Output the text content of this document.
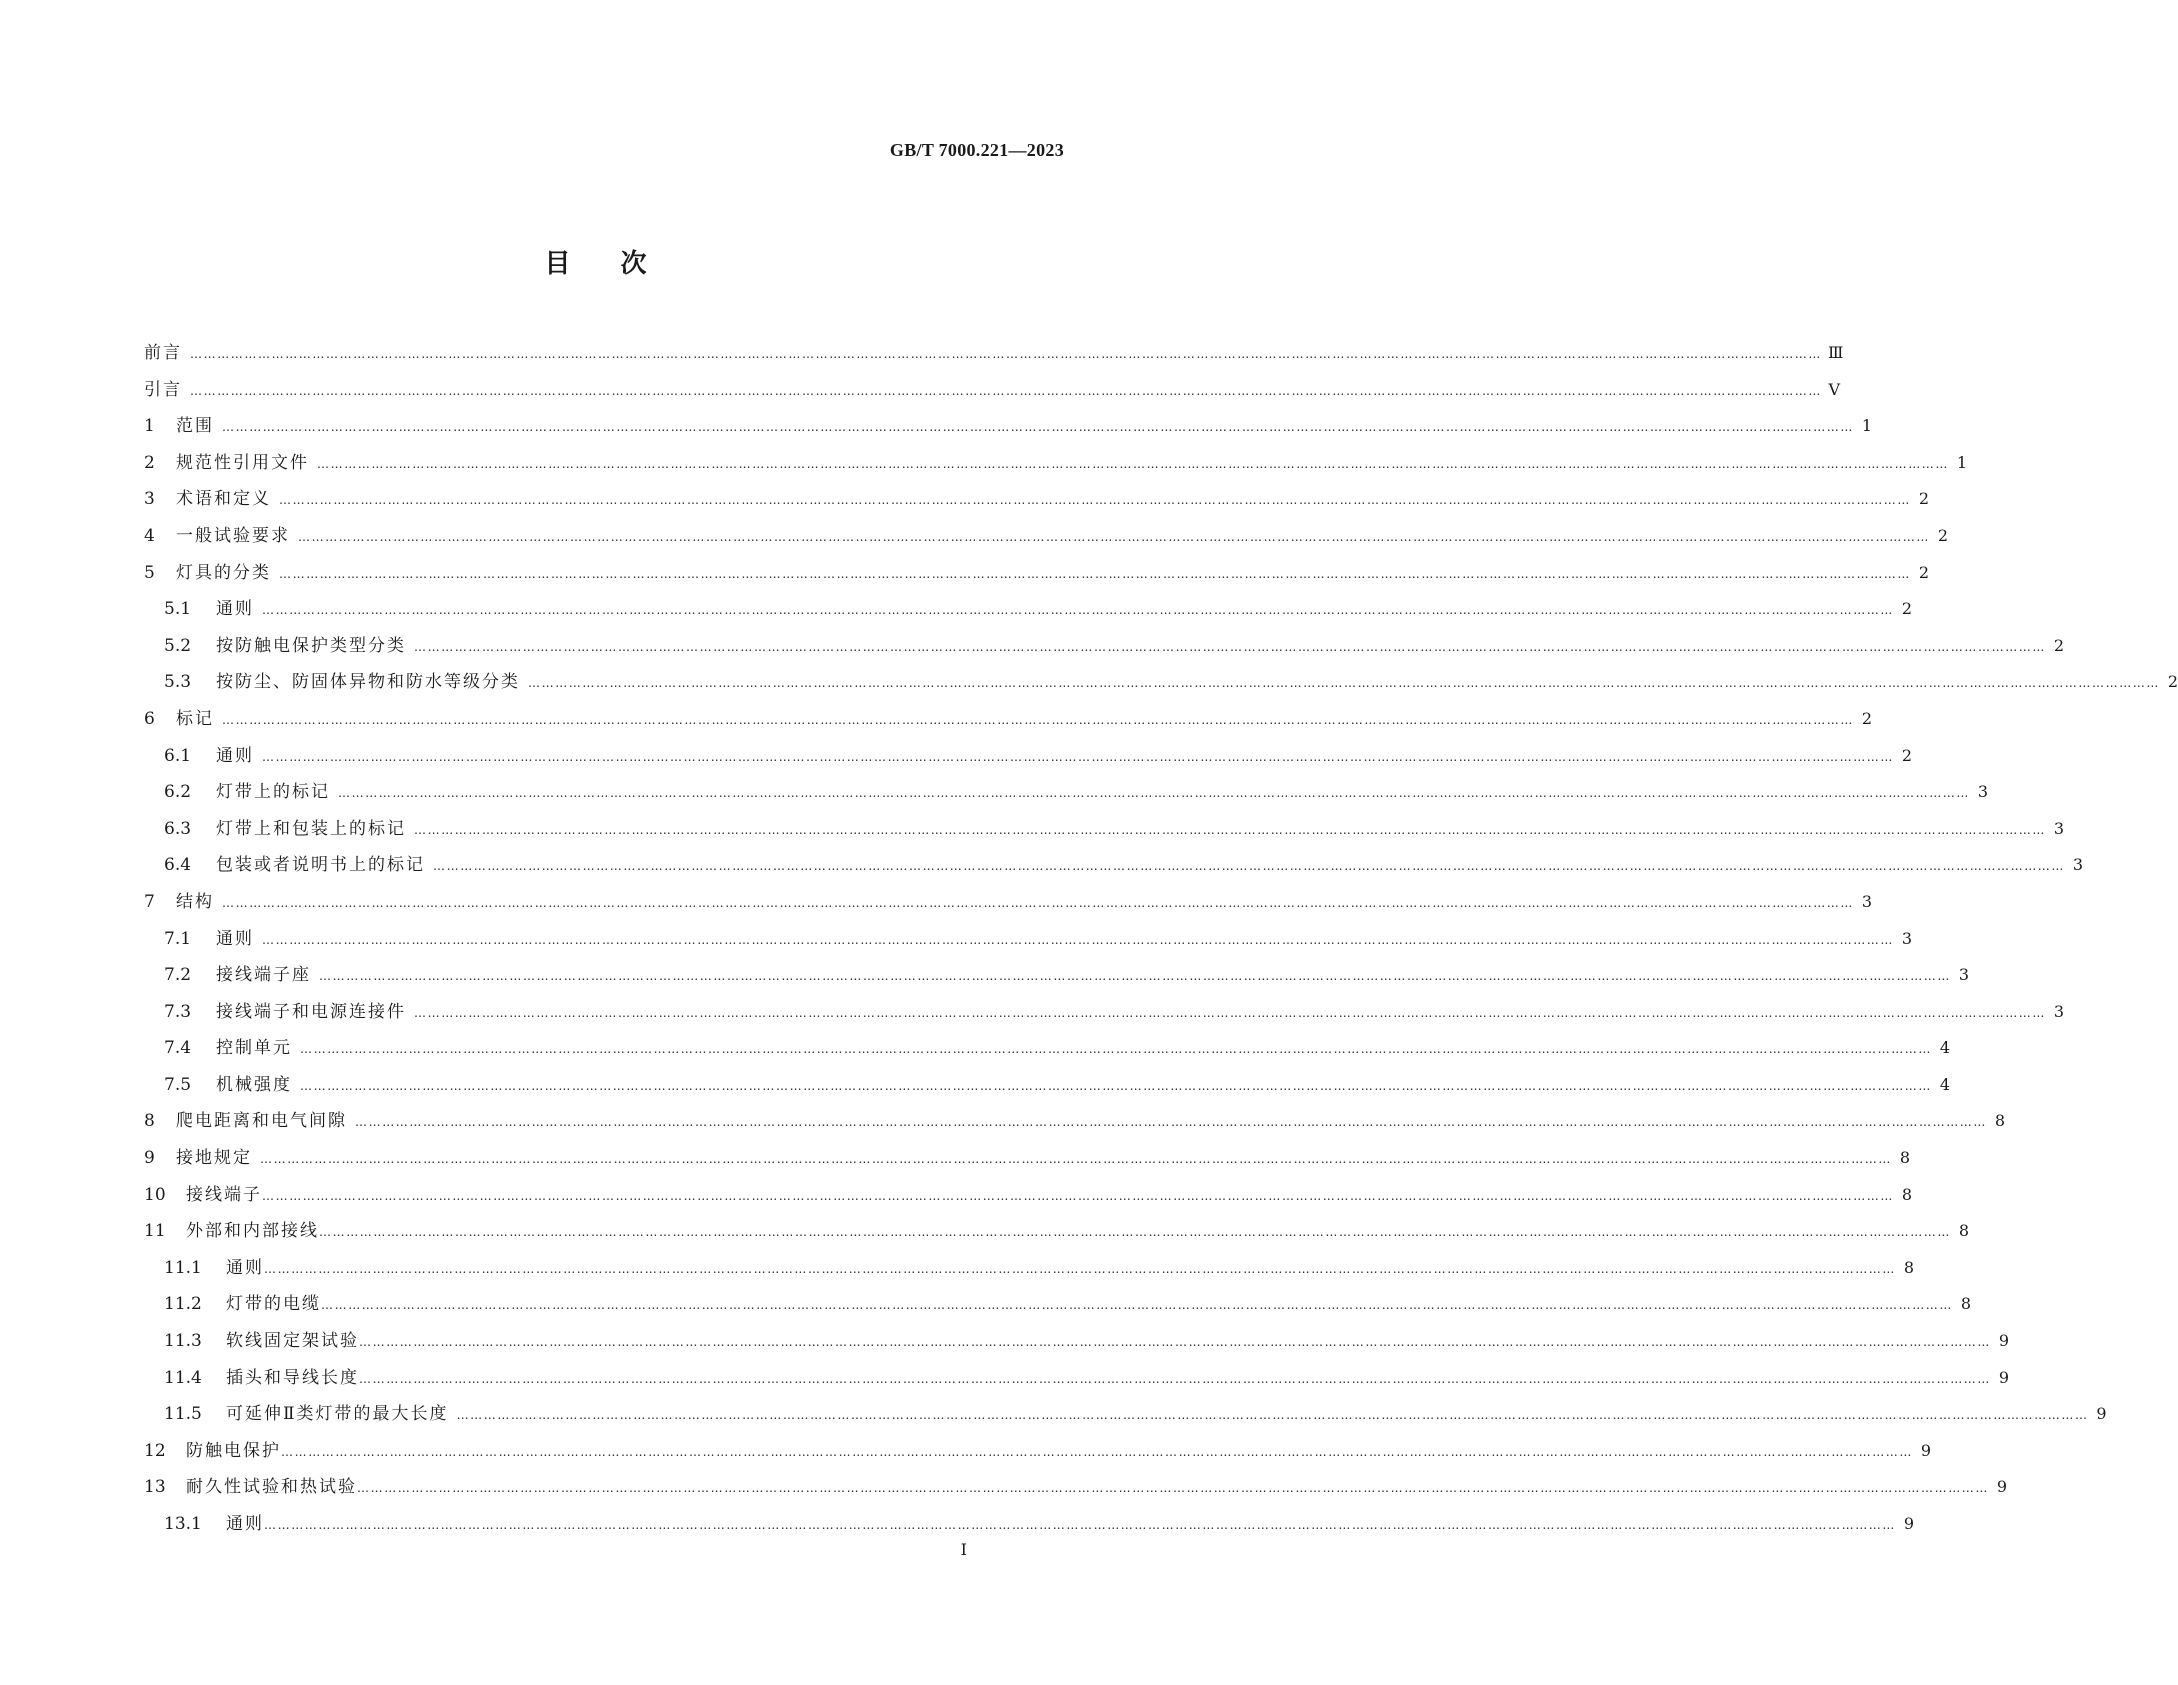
GB/T 7000.221—2023
目次
前言 ……………………………………………………………………………………………………………………………………………………………………………………………………………………………………………………………………………………………………………………………… Ⅲ
引言 ……………………………………………………………………………………………………………………………………………………………………………………………………………………………………………………………………………………………………………………………… Ⅴ
1	范围 ……………………………………………………………………………………………………………………………………………………………………………………………………………………………………………………………………………………………………………………………… 1
2	规范性引用文件 ……………………………………………………………………………………………………………………………………………………………………………………………………………………………………………………………………………………………………………………………… 1
3	术语和定义 ……………………………………………………………………………………………………………………………………………………………………………………………………………………………………………………………………………………………………………………………… 2
4	一般试验要求 ……………………………………………………………………………………………………………………………………………………………………………………………………………………………………………………………………………………………………………………………… 2
5	灯具的分类 ……………………………………………………………………………………………………………………………………………………………………………………………………………………………………………………………………………………………………………………………… 2
5.1	通则 ……………………………………………………………………………………………………………………………………………………………………………………………………………………………………………………………………………………………………………………………… 2
5.2	按防触电保护类型分类 ……………………………………………………………………………………………………………………………………………………………………………………………………………………………………………………………………………………………………………………………… 2
5.3	按防尘、防固体异物和防水等级分类 ……………………………………………………………………………………………………………………………………………………………………………………………………………………………………………………………………………………………………………………………… 2
6	标记 ……………………………………………………………………………………………………………………………………………………………………………………………………………………………………………………………………………………………………………………………… 2
6.1	通则 ……………………………………………………………………………………………………………………………………………………………………………………………………………………………………………………………………………………………………………………………… 2
6.2	灯带上的标记 ……………………………………………………………………………………………………………………………………………………………………………………………………………………………………………………………………………………………………………………………… 3
6.3	灯带上和包装上的标记 ……………………………………………………………………………………………………………………………………………………………………………………………………………………………………………………………………………………………………………………………… 3
6.4	包装或者说明书上的标记 ……………………………………………………………………………………………………………………………………………………………………………………………………………………………………………………………………………………………………………………………… 3
7	结构 ……………………………………………………………………………………………………………………………………………………………………………………………………………………………………………………………………………………………………………………………… 3
7.1	通则 ……………………………………………………………………………………………………………………………………………………………………………………………………………………………………………………………………………………………………………………………… 3
7.2	接线端子座 ……………………………………………………………………………………………………………………………………………………………………………………………………………………………………………………………………………………………………………………………… 3
7.3	接线端子和电源连接件 ……………………………………………………………………………………………………………………………………………………………………………………………………………………………………………………………………………………………………………………………… 3
7.4	控制单元 ……………………………………………………………………………………………………………………………………………………………………………………………………………………………………………………………………………………………………………………………… 4
7.5	机械强度 ……………………………………………………………………………………………………………………………………………………………………………………………………………………………………………………………………………………………………………………………… 4
8	爬电距离和电气间隙 ……………………………………………………………………………………………………………………………………………………………………………………………………………………………………………………………………………………………………………………………… 8
9	接地规定 ……………………………………………………………………………………………………………………………………………………………………………………………………………………………………………………………………………………………………………………………… 8
10	接线端子 ……………………………………………………………………………………………………………………………………………………………………………………………………………………………………………………………………………………………………………………………… 8
11	外部和内部接线 ……………………………………………………………………………………………………………………………………………………………………………………………………………………………………………………………………………………………………………………………… 8
11.1	通则 ……………………………………………………………………………………………………………………………………………………………………………………………………………………………………………………………………………………………………………………………… 8
11.2	灯带的电缆 ……………………………………………………………………………………………………………………………………………………………………………………………………………………………………………………………………………………………………………………………… 8
11.3	软线固定架试验 ……………………………………………………………………………………………………………………………………………………………………………………………………………………………………………………………………………………………………………………………… 9
11.4	插头和导线长度 ……………………………………………………………………………………………………………………………………………………………………………………………………………………………………………………………………………………………………………………………… 9
11.5	可延伸Ⅱ类灯带的最大长度 ……………………………………………………………………………………………………………………………………………………………………………………………………………………………………………………………………………………………………………………………… 9
12	防触电保护 ……………………………………………………………………………………………………………………………………………………………………………………………………………………………………………………………………………………………………………………………… 9
13	耐久性试验和热试验 ……………………………………………………………………………………………………………………………………………………………………………………………………………………………………………………………………………………………………………………………… 9
13.1	通则 ……………………………………………………………………………………………………………………………………………………………………………………………………………………………………………………………………………………………………………………………… 9
Ⅰ
